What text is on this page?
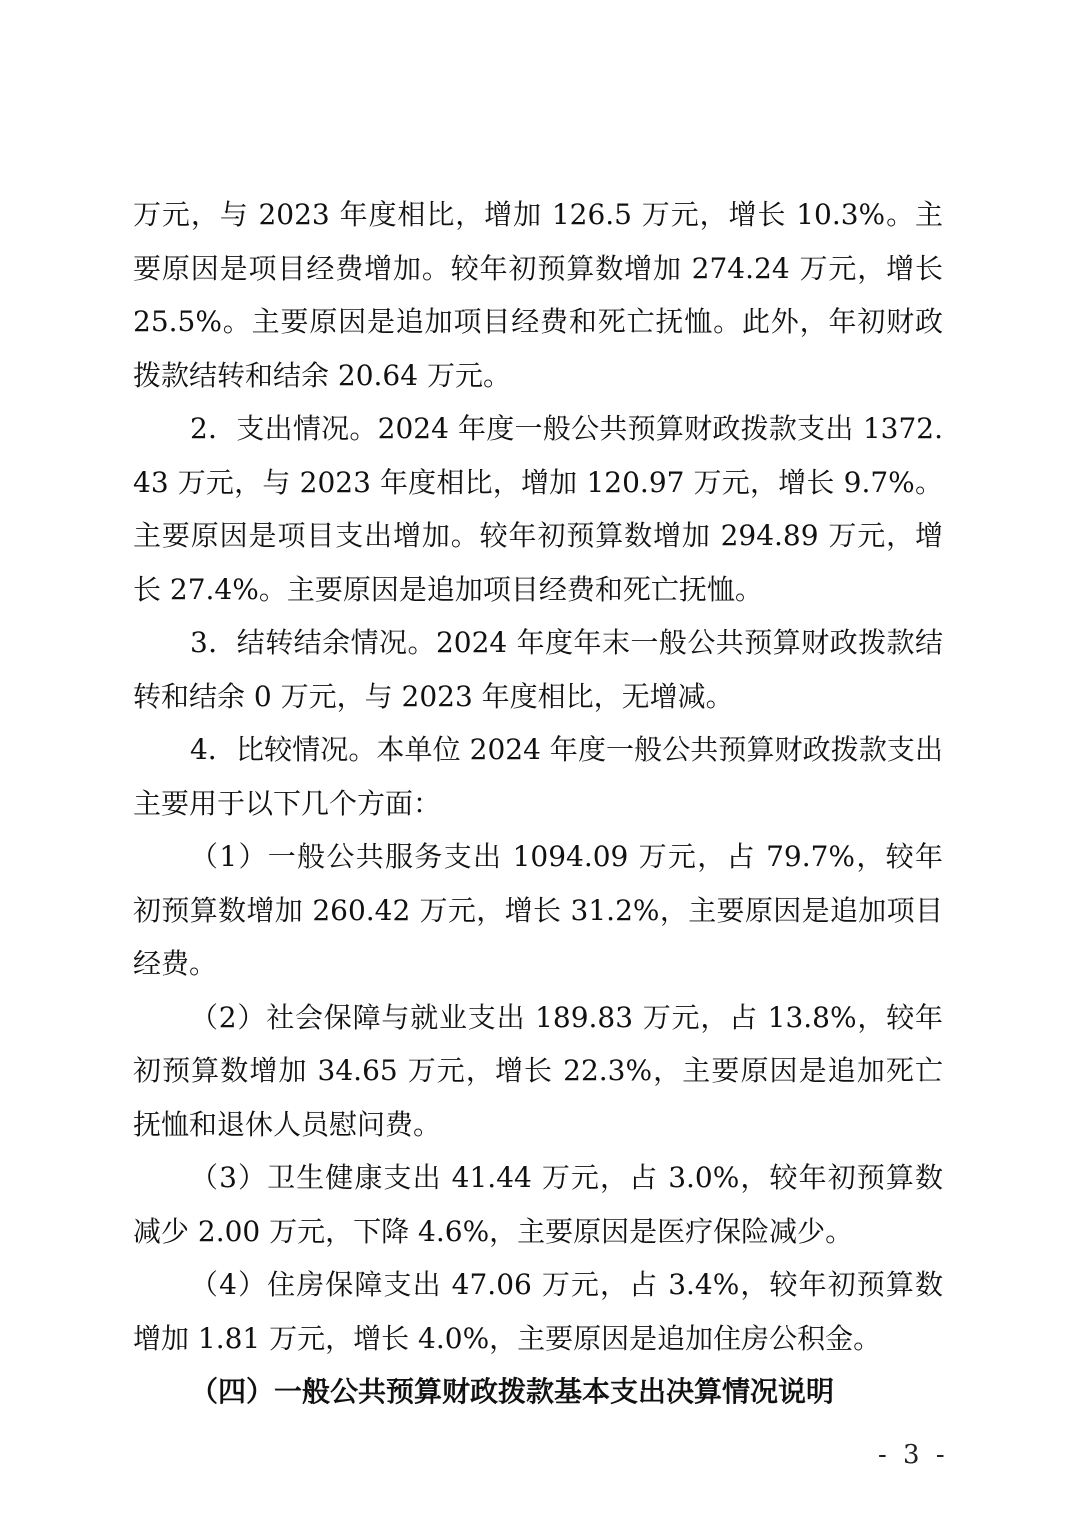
万元，与 2023 年度相比，增加 126.5 万元，增长 10.3%。主要原因是项目经费增加。较年初预算数增加 274.24 万元，增长 25.5%。主要原因是追加项目经费和死亡抚恤。此外，年初财政拨款结转和结余 20.64 万元。

2．支出情况。2024 年度一般公共预算财政拨款支出 1372.43 万元，与 2023 年度相比，增加 120.97 万元，增长 9.7%。主要原因是项目支出增加。较年初预算数增加 294.89 万元，增长 27.4%。主要原因是追加项目经费和死亡抚恤。

3．结转结余情况。2024 年度年末一般公共预算财政拨款结转和结余 0 万元，与 2023 年度相比，无增减。

4．比较情况。本单位 2024 年度一般公共预算财政拨款支出主要用于以下几个方面：

（1）一般公共服务支出 1094.09 万元，占 79.7%，较年初预算数增加 260.42 万元，增长 31.2%，主要原因是追加项目经费。

（2）社会保障与就业支出 189.83 万元，占 13.8%，较年初预算数增加 34.65 万元，增长 22.3%，主要原因是追加死亡抚恤和退休人员慰问费。

（3）卫生健康支出 41.44 万元，占 3.0%，较年初预算数减少 2.00 万元，下降 4.6%，主要原因是医疗保险减少。

（4）住房保障支出 47.06 万元，占 3.4%，较年初预算数增加 1.81 万元，增长 4.0%，主要原因是追加住房公积金。

（四）一般公共预算财政拨款基本支出决算情况说明

- 3 -
